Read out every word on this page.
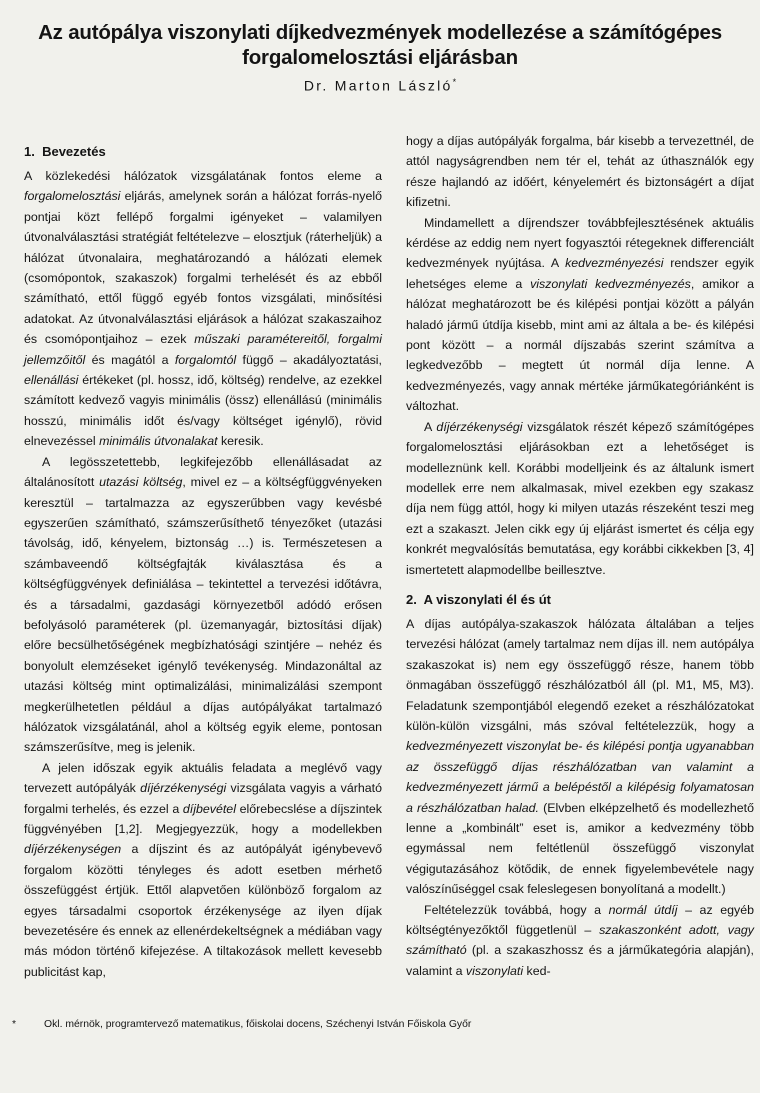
Az autópálya viszonylati díjkedvezmények modellezése a számítógépes
forgalomelosztási eljárásban
Dr. Marton László*
1. Bevezetés

A közlekedési hálózatok vizsgálatának fontos eleme a forgalomelosztási eljárás, amelynek során a hálózat forrás-nyelő pontjai közt fellépő forgalmi igényeket – valamilyen útvonalválasztási stratégiát feltételezve – elosztjuk (ráterheljük) a hálózat útvonalaira, meghatározandó a hálózati elemek (csomópontok, szakaszok) forgalmi terhelését és az ebből számítható, ettől függő egyéb fontos vizsgálati, minősítési adatokat. Az útvonalválasztási eljárások a hálózat szakaszaihoz és csomópontjaihoz – ezek műszaki paramétereitől, forgalmi jellemzőitől és magától a forgalomtól függő – akadályoztatási, ellenállási értékeket (pl. hossz, idő, költség) rendelve, az ezekkel számított kedvező vagyis minimális (össz) ellenállású (minimális hosszú, minimális időt és/vagy költséget igénylő), rövid elnevezéssel minimális útvonalakat keresik.

A legösszetettebb, legkifejezőbb ellenállásadat az általánosított utazási költség, mivel ez – a költségfüggvényeken keresztül – tartalmazza az egyszerűbben vagy kevésbé egyszerűen számítható, számszerűsíthető tényezőket (utazási távolság, idő, kényelem, biztonság …) is. Természetesen a számbaveendő költségfajták kiválasztása és a költségfüggvények definiálása – tekintettel a tervezési időtávra, és a társadalmi, gazdasági környezetből adódó erősen befolyásoló paraméterek (pl. üzemanyagár, biztosítási díjak) előre becsülhetőségének megbízhatósági szintjére – nehéz és bonyolult elemzéseket igénylő tevékenység. Mindazonáltal az utazási költség mint optimalizálási, minimalizálási szempont megkerülhetetlen például a díjas autópályákat tartalmazó hálózatok vizsgálatánál, ahol a költség egyik eleme, pontosan számszerűsítve, meg is jelenik.

A jelen időszak egyik aktuális feladata a meglévő vagy tervezett autópályák díjérzékenységi vizsgálata vagyis a várható forgalmi terhelés, és ezzel a díjbevétel előrebecslése a díjszintek függvényében [1,2]. Megjegyezzük, hogy a modellekben díjérzékenységen a díjszint és az autópályát igénybevevő forgalom közötti tényleges és adott esetben mérhető összefüggést értjük. Ettől alapvetően különböző forgalom az egyes társadalmi csoportok érzékenysége az ilyen díjak bevezetésére és ennek az ellenérdekeltségnek a médiában vagy más módon történő kifejezése. A tiltakozások mellett kevesebb publicitást kap,

hogy a díjas autópályák forgalma, bár kisebb a tervezettnél, de attól nagyságrendben nem tér el, tehát az úthasználók egy része hajlandó az időért, kényelemért és biztonságért a díjat kifizetni.

Mindamellett a díjrendszer továbbfejlesztésének aktuális kérdése az eddig nem nyert fogyasztói rétegeknek differenciált kedvezmények nyújtása. A kedvezményezési rendszer egyik lehetséges eleme a viszonylati kedvezményezés, amikor a hálózat meghatározott be és kilépési pontjai között a pályán haladó jármű útdíja kisebb, mint ami az általa a be- és kilépési pont között – a normál díjszabás szerint számítva a legkedvezőbb – megtett út normál díja lenne. A kedvezményezés, vagy annak mértéke járműkategóriánként is változhat.

A díjérzékenységi vizsgálatok részét képező számítógépes forgalomelosztási eljárásokban ezt a lehetőséget is modelleznünk kell. Korábbi modelljeink és az általunk ismert modellek erre nem alkalmasak, mivel ezekben egy szakasz díja nem függ attól, hogy ki milyen utazás részeként teszi meg ezt a szakaszt. Jelen cikk egy új eljárást ismertet és célja egy konkrét megvalósítás bemutatása, egy korábbi cikkekben [3, 4] ismertetett alapmodellbe beillesztve.

2. A viszonylati él és út

A díjas autópálya-szakaszok hálózata általában a teljes tervezési hálózat (amely tartalmaz nem díjas ill. nem autópálya szakaszokat is) nem egy összefüggő része, hanem több önmagában összefüggő részhálózatból áll (pl. M1, M5, M3). Feladatunk szempontjából elegendő ezeket a részhálózatokat külön-külön vizsgálni, más szóval feltételezzük, hogy a kedvezményezett viszonylat be- és kilépési pontja ugyanabban az összefüggő díjas részhálózatban van valamint a kedvezményezett jármű a belépéstől a kilépésig folyamatosan a részhálózatban halad. (Elvben elképzelhető és modellezhető lenne a „kombinált” eset is, amikor a kedvezmény több egymással nem feltétlenül összefüggő viszonylat végigutazásához kötődik, de ennek figyelembevétele nagy valószínűséggel csak feleslegesen bonyolítaná a modellt.)

Feltételezzük továbbá, hogy a normál útdíj – az egyéb költségtényezőktől függetlenül – szakaszonként adott, vagy számítható (pl. a szakaszhossz és a járműkategória alapján), valamint a viszonylati ked-

*	Okl. mérnök, programtervező matematikus, főiskolai docens, Széchenyi István Főiskola Győr
